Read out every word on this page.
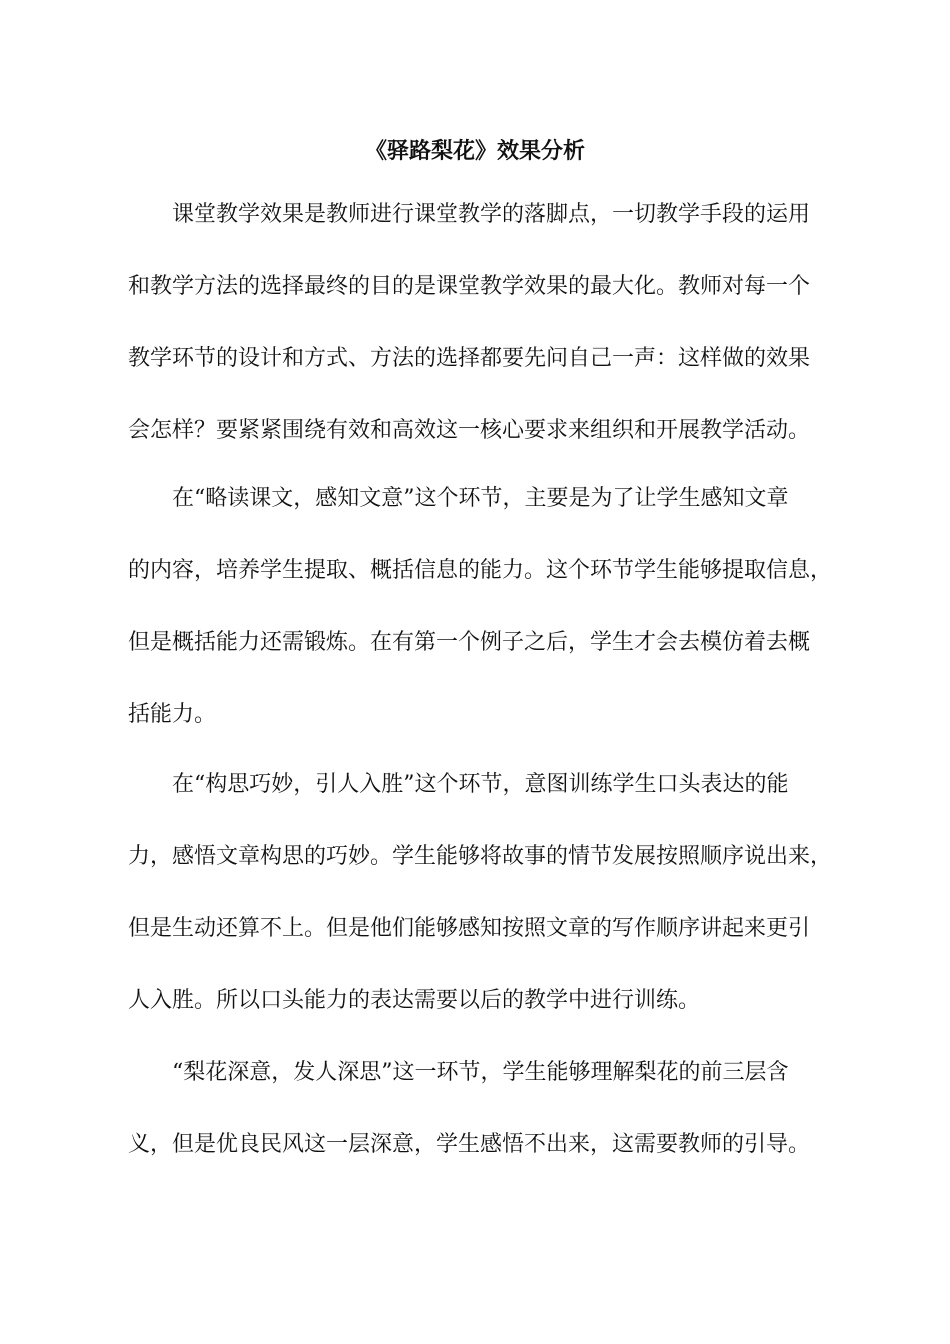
《驿路梨花》效果分析

课堂教学效果是教师进行课堂教学的落脚点，一切教学手段的运用

和教学方法的选择最终的目的是课堂教学效果的最大化。教师对每一个

教学环节的设计和方式、方法的选择都要先问自己一声：这样做的效果

会怎样？要紧紧围绕有效和高效这一核心要求来组织和开展教学活动。

在“略读课文，感知文意”这个环节，主要是为了让学生感知文章

的内容，培养学生提取、概括信息的能力。这个环节学生能够提取信息，

但是概括能力还需锻炼。在有第一个例子之后，学生才会去模仿着去概

括能力。

在“构思巧妙，引人入胜”这个环节，意图训练学生口头表达的能

力，感悟文章构思的巧妙。学生能够将故事的情节发展按照顺序说出来，

但是生动还算不上。但是他们能够感知按照文章的写作顺序讲起来更引

人入胜。所以口头能力的表达需要以后的教学中进行训练。

“梨花深意，发人深思”这一环节，学生能够理解梨花的前三层含

义，但是优良民风这一层深意，学生感悟不出来，这需要教师的引导。
